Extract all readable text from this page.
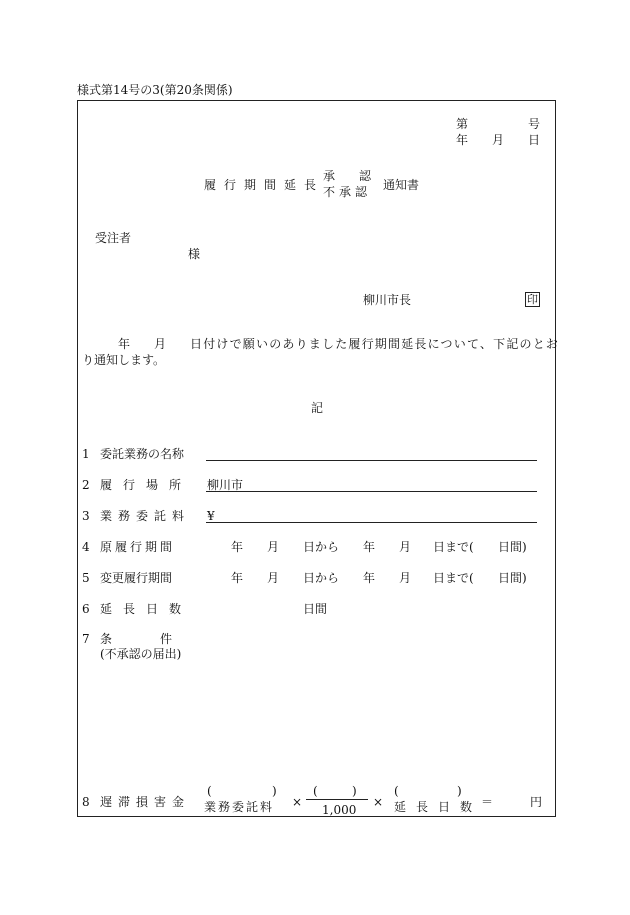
様式第14号の3(第20条関係)
第	号
年 月 日
履行期間延長
承　　認
不承認 通知書
受注者
様
柳川市長	印
年 月 日付けで願いのありました履行期間延長について、下記のとお
り通知します。
記
1 委託業務の名称
2 履行場所 柳川市
3 業務委託料 ¥
4 原履行期間	年 月 日から 年 月 日まで( 日間)
5 変更履行期間	年 月 日から 年 月 日まで( 日間)
6 延長日数	日間
7 条　　　　件
(不承認の届出)
8 遅滞損害金
(	)
業務委託料 ×
(	)
1,000
×
(	)
延長日数
＝	円
